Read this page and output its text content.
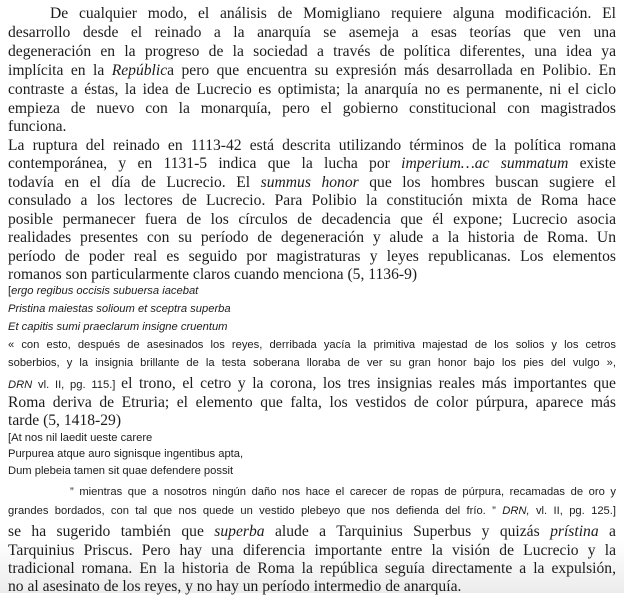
De cualquier modo, el análisis de Momigliano requiere alguna modificación. El
desarrollo desde el reinado a la anarquía se asemeja a esas teorías que ven una
degeneración en la progreso de la sociedad a través de política diferentes, una idea ya
implícita en la República pero que encuentra su expresión más desarrollada en Polibio. En
contraste a éstas, la idea de Lucrecio es optimista; la anarquía no es permanente, ni el ciclo
empieza de nuevo con la monarquía, pero el gobierno constitucional con magistrados
funciona.
La ruptura del reinado en 1113-42 está descrita utilizando términos de la política romana
contemporánea, y en 1131-5 indica que la lucha por imperium…ac summatum existe
todavía en el día de Lucrecio. El summus honor que los hombres buscan sugiere el
consulado a los lectores de Lucrecio. Para Polibio la constitución mixta de Roma hace
posible permanecer fuera de los círculos de decadencia que él expone; Lucrecio asocia
realidades presentes con su período de degeneración y alude a la historia de Roma. Un
período de poder real es seguido por magistraturas y leyes republicanas. Los elementos
romanos son particularmente claros cuando menciona (5, 1136-9)
[ergo regibus occisis subuersa iacebat
Pristina maiestas solioum et sceptra superba
Et capitis sumi praeclarum insigne cruentum
« con esto, después de asesinados los reyes, derribada yacía la primitiva majestad de los solios y los cetros
soberbios, y la insignia brillante de la testa soberana lloraba de ver su gran honor bajo los pies del vulgo »,
DRN vl. II, pg. 115.] el trono, el cetro y la corona, los tres insignias reales más importantes que
Roma deriva de Etruria; el elemento que falta, los vestidos de color púrpura, aparece más
tarde (5, 1418-29)
[At nos nil laedit ueste carere
Purpurea atque auro signisque ingentibus apta,
Dum plebeia tamen sit quae defendere possit
” mientras que a nosotros ningún daño nos hace el carecer de ropas de púrpura, recamadas de oro y
grandes bordados, con tal que nos quede un vestido plebeyo que nos defienda del frío. ” DRN, vl. II, pg. 125.]
se ha sugerido también que superba alude a Tarquinius Superbus y quizás prístina a
Tarquinius Priscus. Pero hay una diferencia importante entre la visión de Lucrecio y la
tradicional romana. En la historia de Roma la república seguía directamente a la expulsión,
no al asesinato de los reyes, y no hay un período intermedio de anarquía.
